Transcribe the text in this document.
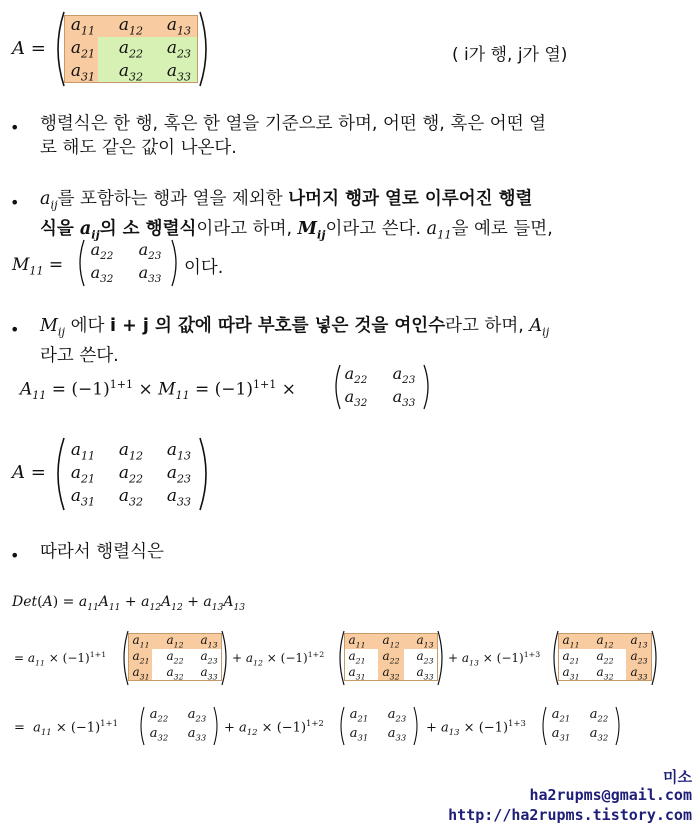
A =
$a_{11}$ $a_{12}$ $a_{13}$
$a_{21}$ $a_{22}$ $a_{23}$
$a_{31}$ $a_{32}$ $a_{33}$
( i가 행, j가 열)
• 행렬식은 한 행, 혹은 한 열을 기준으로 하며, 어떤 행, 혹은 어떤 열
로 해도 같은 값이 나온다.
• $a_{ij}$를 포함하는 행과 열을 제외한 나머지 행과 열로 이루어진 행렬
식을 $a_{ij}$의 소 행렬식이라고 하며, $M_{ij}$이라고 쓴다. $a_{11}$을 예로 들면,
$M_{11}$ =
$a_{22}$	$a_{23}$
$a_{32}$	$a_{33}$
이다.
• $M_{ij}$ 에다 i + j 의 값에 따라 부호를 넣은 것을 여인수라고 하며, $A_{ij}$
라고 쓴다.
$A_{11} = (-1)^{1+1} \times M_{11} = (-1)^{1+1}$ ×
$a_{22}$	$a_{23}$
$a_{32}$	$a_{33}$
A =
$a_{11}$ $a_{12}$ $a_{13}$
$a_{21}$ $a_{22}$ $a_{23}$
$a_{31}$ $a_{32}$ $a_{33}$
• 따라서 행렬식은
$Det(A) = a_{11}A_{11} + a_{12}A_{12} + a_{13}A_{13}$
= $a_{11} \times (-1)^{1+1}$
$a_{11}$	$a_{12}$	$a_{13}$
$a_{21}$	$a_{22}$	$a_{23}$
$a_{31}$	$a_{32}$	$a_{33}$
+ $a_{12} \times (-1)^{1+2}$
$a_{11}$	$a_{12}$	$a_{13}$
$a_{21}$	$a_{22}$	$a_{23}$
$a_{31}$	$a_{32}$	$a_{33}$
+ $a_{13} \times (-1)^{1+3}$
$a_{11}$	$a_{12}$	$a_{13}$
$a_{21}$	$a_{22}$	$a_{23}$
$a_{31}$	$a_{32}$	$a_{33}$
=  $a_{11} \times (-1)^{1+1}$
$a_{22}$	$a_{23}$
$a_{32}$	$a_{33}$
+ $a_{12} \times (-1)^{1+2}$
$a_{21}$	$a_{23}$
$a_{31}$	$a_{33}$
+ $a_{13} \times (-1)^{1+3}$
$a_{21}$	$a_{22}$
$a_{31}$	$a_{32}$
미소
ha2rupms@gmail.com
http://ha2rupms.tistory.com
